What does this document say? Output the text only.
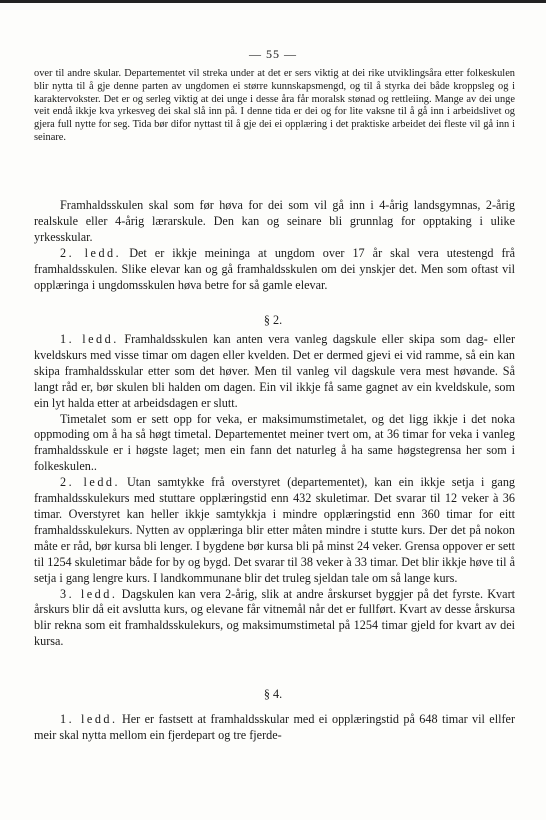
— 55 —

over til andre skular. Departementet vil streka under at det er sers viktig at dei rike utviklingsåra etter folkeskulen blir nytta til å gje denne parten av ungdomen ei større kunnskapsmengd, og til å styrka dei både kroppsleg og i karaktervokster. Det er og serleg viktig at dei unge i desse åra får moralsk stønad og rettleiing. Mange av dei unge veit endå ikkje kva yrkesveg dei skal slå inn på. I denne tida er dei og for lite vaksne til å gå inn i arbeidslivet og gjera full nytte for seg. Tida bør difor nyttast til å gje dei ei opplæring i det praktiske arbeidet dei fleste vil gå inn i seinare.

Framhaldsskulen skal som før høva for dei som vil gå inn i 4-årig landsgymnas, 2-årig realskule eller 4-årig lærarskule. Den kan og seinare bli grunnlag for opptaking i ulike yrkesskular.

2. ledd. Det er ikkje meininga at ungdom over 17 år skal vera utestengd frå framhaldsskulen. Slike elevar kan og gå framhaldsskulen om dei ynskjer det. Men som oftast vil opplæringa i ungdomsskulen høva betre for så gamle elevar.

§ 2.

1. ledd. Framhaldsskulen kan anten vera vanleg dagskule eller skipa som dag- eller kveldskurs med visse timar om dagen eller kvelden. Det er dermed gjevi ei vid ramme, så ein kan skipa framhaldsskular etter som det høver. Men til vanleg vil dagskule vera mest høvande. Så langt råd er, bør skulen bli halden om dagen. Ein vil ikkje få same gagnet av ein kveldskule, som ein lyt halda etter at arbeidsdagen er slutt.

Timetalet som er sett opp for veka, er maksimumstimetalet, og det ligg ikkje i det noka oppmoding om å ha så høgt timetal. Departementet meiner tvert om, at 36 timar for veka i vanleg framhaldsskule er i høgste laget; men ein fann det naturleg å ha same høgstegrensa her som i folkeskulen..

2. ledd. Utan samtykke frå overstyret (departementet), kan ein ikkje setja i gang framhaldsskulekurs med stuttare opplæringstid enn 432 skuletimar. Det svarar til 12 veker à 36 timar. Overstyret kan heller ikkje samtykkja i mindre opplæringstid enn 360 timar for eitt framhaldsskulekurs. Nytten av opplæringa blir etter måten mindre i stutte kurs. Der det på nokon måte er råd, bør kursa bli lenger. I bygdene bør kursa bli på minst 24 veker. Grensa oppover er sett til 1254 skuletimar både for by og bygd. Det svarar til 38 veker à 33 timar. Det blir ikkje høve til å setja i gang lengre kurs. I landkommunane blir det truleg sjeldan tale om så lange kurs.

3. ledd. Dagskulen kan vera 2-årig, slik at andre årskurset byggjer på det fyrste. Kvart årskurs blir då eit avslutta kurs, og elevane får vitnemål når det er fullført. Kvart av desse årskursa blir rekna som eit framhaldsskulekurs, og maksimumstimetal på 1254 timar gjeld for kvart av dei kursa.

§ 4.

1. ledd. Her er fastsett at framhaldsskular med ei opplæringstid på 648 timar vil ellfer meir skal nytta mellom ein fjerdepart og tre fjerde-
